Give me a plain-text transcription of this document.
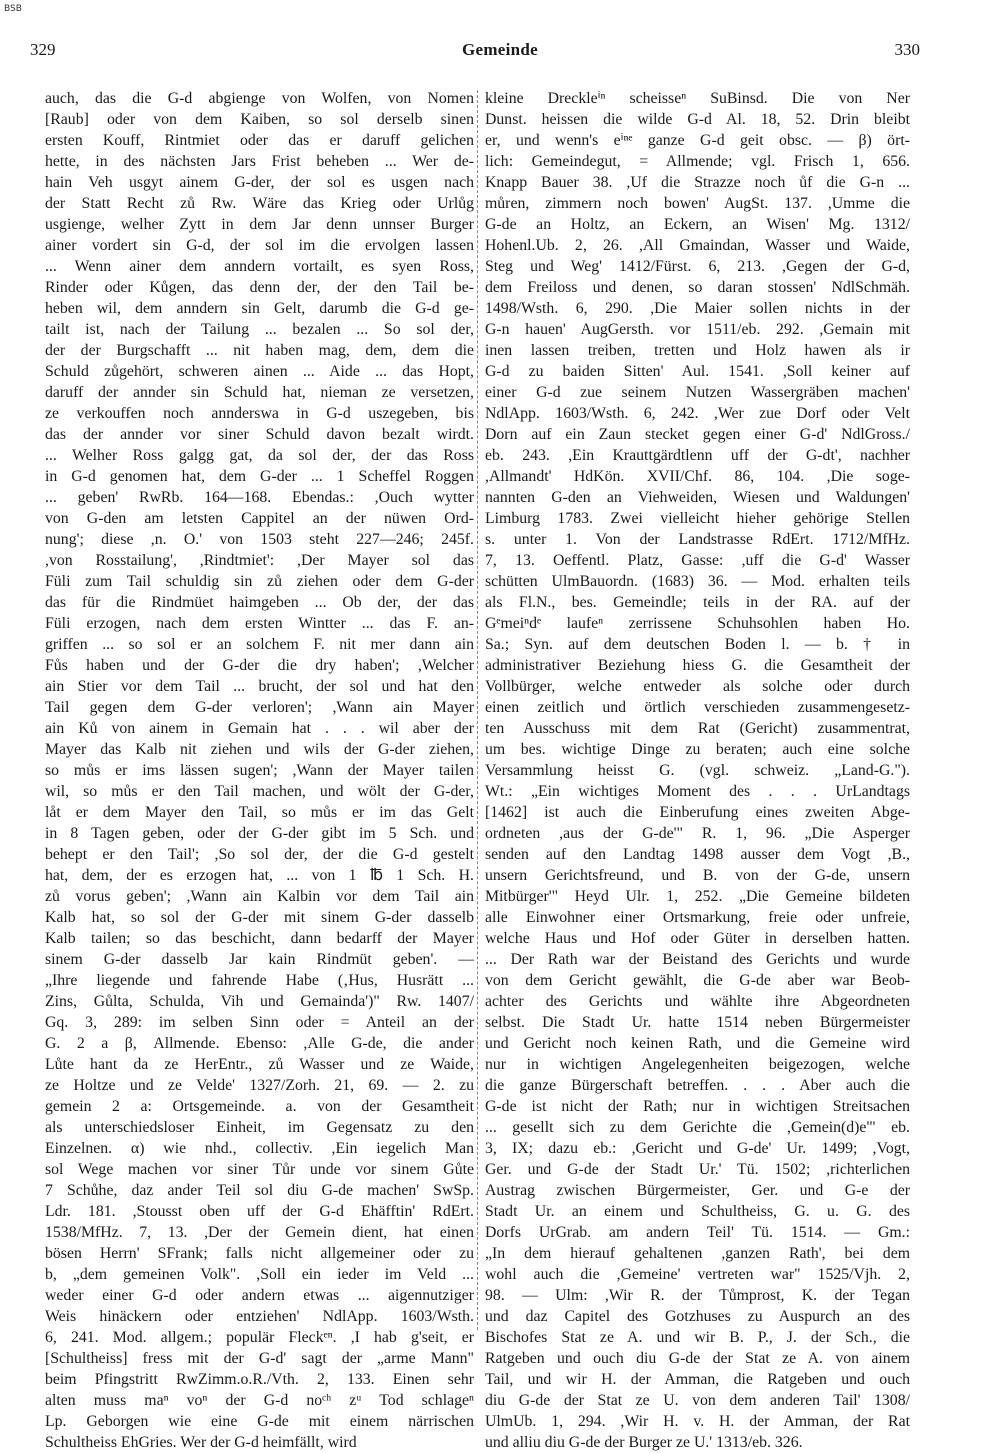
BSB
329	Gemeinde	330
auch, das die G-d abgienge von Wolfen, von Nomen
[Raub] oder von dem Kaiben, so sol derselb sinen
ersten Kouff, Rintmiet oder das er daruff gelichen
hette, in des nächsten Jars Frist beheben ... Wer de-
hain Veh usgyt ainem G-der, der sol es usgen nach
der Statt Recht zů Rw. Wäre das Krieg oder Urlůg
usgienge, welher Zytt in dem Jar denn unnser Burger
ainer vordert sin G-d, der sol im die ervolgen lassen
... Wenn ainer dem anndern vortailt, es syen Ross,
Rinder oder Kůgen, das denn der, der den Tail be-
heben wil, dem anndern sin Gelt, darumb die G-d ge-
tailt ist, nach der Tailung ... bezalen ... So sol der,
der der Burgschafft ... nit haben mag, dem, dem die
Schuld zůgehört, schweren ainen ... Aide ... das Hopt,
daruff der annder sin Schuld hat, nieman ze versetzen,
ze verkouffen noch annderswa in G-d uszegeben, bis
das der annder vor siner Schuld davon bezalt wirdt.
... Welher Ross galgg gat, da sol der, der das Ross
in G-d genomen hat, dem G-der ... 1 Scheffel Roggen
... geben' RwRb. 164—168. Ebendas.: ,Ouch wytter
von G-den am letsten Cappitel an der nüwen Ord-
nung'; diese ,n. O.' von 1503 steht 227—246; 245f.
,von Rosstailung', ,Rindtmiet': ,Der Mayer sol das
Füli zum Tail schuldig sin zů ziehen oder dem G-der
das für die Rindmüet haimgeben ... Ob der, der das
Füli erzogen, nach dem ersten Wintter ... das F. an-
griffen ... so sol er an solchem F. nit mer dann ain
Fůs haben und der G-der die dry haben'; ,Welcher
ain Stier vor dem Tail ... brucht, der sol und hat den
Tail gegen dem G-der verloren'; ,Wann ain Mayer
ain Ků von ainem in Gemain hat . . . wil aber der
Mayer das Kalb nit ziehen und wils der G-der ziehen,
so můs er ims lässen sugen'; ,Wann der Mayer tailen
wil, so můs er den Tail machen, und wölt der G-der,
låt er dem Mayer den Tail, so můs er im das Gelt
in 8 Tagen geben, oder der G-der gibt im 5 Sch. und
behept er den Tail'; ,So sol der, der die G-d gestelt
hat, dem, der es erzogen hat, ... von 1 ℔ 1 Sch. H.
zů vorus geben'; ,Wann ain Kalbin vor dem Tail ain
Kalb hat, so sol der G-der mit sinem G-der dasselb
Kalb tailen; so das beschicht, dann bedarff der Mayer
sinem G-der dasselb Jar kain Rindmüt geben'. —
„Ihre liegende und fahrende Habe (‚Hus, Husrätt ...
Zins, Gůlta, Schulda, Vih und Gemainda')" Rw. 1407/
Gq. 3, 289: im selben Sinn oder = Anteil an der
G. 2 a β, Allmende. Ebenso: ,Alle G-de, die ander
Lůte hant da ze HerEntr., zů Wasser und ze Waide,
ze Holtze und ze Velde' 1327/Zorh. 21, 69. — 2. zu
gemein 2 a: Ortsgemeinde. a. von der Gesamtheit
als unterschiedsloser Einheit, im Gegensatz zu den
Einzelnen. α) wie nhd., collectiv. ,Ein iegelich Man
sol Wege machen vor siner Tůr unde vor sinem Gůte
7 Schůhe, daz ander Teil sol diu G-de machen' SwSp.
Ldr. 181. ,Stousst oben uff der G-d Ehäfftin' RdErt.
1538/MfHz. 7, 13. ,Der der Gemein dient, hat einen
bösen Herrn' SFrank; falls nicht allgemeiner oder zu
b, „dem gemeinen Volk". ,Soll ein ieder im Veld ...
weder einer G-d oder andern etwas ... aigennutziger
Weis hinäckern oder entziehen' NdlApp. 1603/Wsth.
6, 241. Mod. allgem.; populär Fleckᵉⁿ. ,I hab g'seit, er
[Schultheiss] fress mit der G-d' sagt der „arme Mann"
beim Pfingstritt RwZimm.o.R./Vth. 2, 133. Einen sehr
alten muss maⁿ voⁿ der G-d noᶜʰ zᵘ Tod schlageⁿ
Lp. Geborgen wie eine G-de mit einem närrischen
Schultheiss EhGries. Wer der G-d heimfällt, wird
kleine Dreckleⁱⁿ scheisseⁿ SuBinsd. Die von Ner
Dunst. heissen die wilde G-d Al. 18, 52. Drin bleibt
er, und wenn's eⁱⁿᵉ ganze G-d geit obsc. — β) ört-
lich: Gemeindegut, = Allmende; vgl. Frisch 1, 656.
Knapp Bauer 38. ,Uf die Strazze noch ůf die G-n ...
můren, zimmern noch bowen' AugSt. 137. ,Umme die
G-de an Holtz, an Eckern, an Wisen' Mg. 1312/
Hohenl.Ub. 2, 26. ,All Gmaindan, Wasser und Waide,
Steg und Weg' 1412/Fürst. 6, 213. ,Gegen der G-d,
dem Freiloss und denen, so daran stossen' NdlSchmäh.
1498/Wsth. 6, 290. ,Die Maier sollen nichts in der
G-n hauen' AugGersth. vor 1511/eb. 292. ,Gemain mit
inen lassen treiben, tretten und Holz hawen als ir
G-d zu baiden Sitten' Aul. 1541. ,Soll keiner auf
einer G-d zue seinem Nutzen Wassergräben machen'
NdlApp. 1603/Wsth. 6, 242. ,Wer zue Dorf oder Velt
Dorn auf ein Zaun stecket gegen einer G-d' NdlGross./
eb. 243. ,Ein Krauttgärdtlenn uff der G-dt', nachher
,Allmandt' HdKön. XVII/Chf. 86, 104. ,Die soge-
nannten G-den an Viehweiden, Wiesen und Waldungen'
Limburg 1783. Zwei vielleicht hieher gehörige Stellen
s. unter 1. Von der Landstrasse RdErt. 1712/MfHz.
7, 13. Oeffentl. Platz, Gasse: ,uff die G-d' Wasser
schütten UlmBauordn. (1683) 36. — Mod. erhalten teils
als Fl.N., bes. Gemeindle; teils in der RA. auf der
Gᵉmeiⁿdᵉ laufeⁿ zerrissene Schuhsohlen haben Ho.
Sa.; Syn. auf dem deutschen Boden l. — b. † in
administrativer Beziehung hiess G. die Gesamtheit der
Vollbürger, welche entweder als solche oder durch
einen zeitlich und örtlich verschieden zusammengesetz-
ten Ausschuss mit dem Rat (Gericht) zusammentrat,
um bes. wichtige Dinge zu beraten; auch eine solche
Versammlung heisst G. (vgl. schweiz. „Land-G.").
Wt.: „Ein wichtiges Moment des . . . UrLandtags
[1462] ist auch die Einberufung eines zweiten Abge-
ordneten ,aus der G-de'" R. 1, 96. „Die Asperger
senden auf den Landtag 1498 ausser dem Vogt ,B.,
unsern Gerichtsfreund, und B. von der G-de, unsern
Mitbürger'" Heyd Ulr. 1, 252. „Die Gemeine bildeten
alle Einwohner einer Ortsmarkung, freie oder unfreie,
welche Haus und Hof oder Güter in derselben hatten.
... Der Rath war der Beistand des Gerichts und wurde
von dem Gericht gewählt, die G-de aber war Beob-
achter des Gerichts und wählte ihre Abgeordneten
selbst. Die Stadt Ur. hatte 1514 neben Bürgermeister
und Gericht noch keinen Rath, und die Gemeine wird
nur in wichtigen Angelegenheiten beigezogen, welche
die ganze Bürgerschaft betreffen. . . . Aber auch die
G-de ist nicht der Rath; nur in wichtigen Streitsachen
... gesellt sich zu dem Gerichte die ,Gemein(d)e'" eb.
3, IX; dazu eb.: ,Gericht und G-de' Ur. 1499; ,Vogt,
Ger. und G-de der Stadt Ur.' Tü. 1502; ,richterlichen
Austrag zwischen Bürgermeister, Ger. und G-e der
Stadt Ur. an einem und Schultheiss, G. u. G. des
Dorfs UrGrab. am andern Teil' Tü. 1514. — Gm.:
„In dem hierauf gehaltenen ,ganzen Rath', bei dem
wohl auch die ,Gemeine' vertreten war" 1525/Vjh. 2,
98. — Ulm: ,Wir R. der Tůmprost, K. der Tegan
und daz Capitel des Gotzhuses zu Auspurch an des
Bischofes Stat ze A. und wir B. P., J. der Sch., die
Ratgeben und ouch diu G-de der Stat ze A. von ainem
Tail, und wir H. der Amman, die Ratgeben und ouch
diu G-de der Stat ze U. von dem anderen Tail' 1308/
UlmUb. 1, 294. ,Wir H. v. H. der Amman, der Rat
und alliu diu G-de der Burger ze U.' 1313/eb. 326.
